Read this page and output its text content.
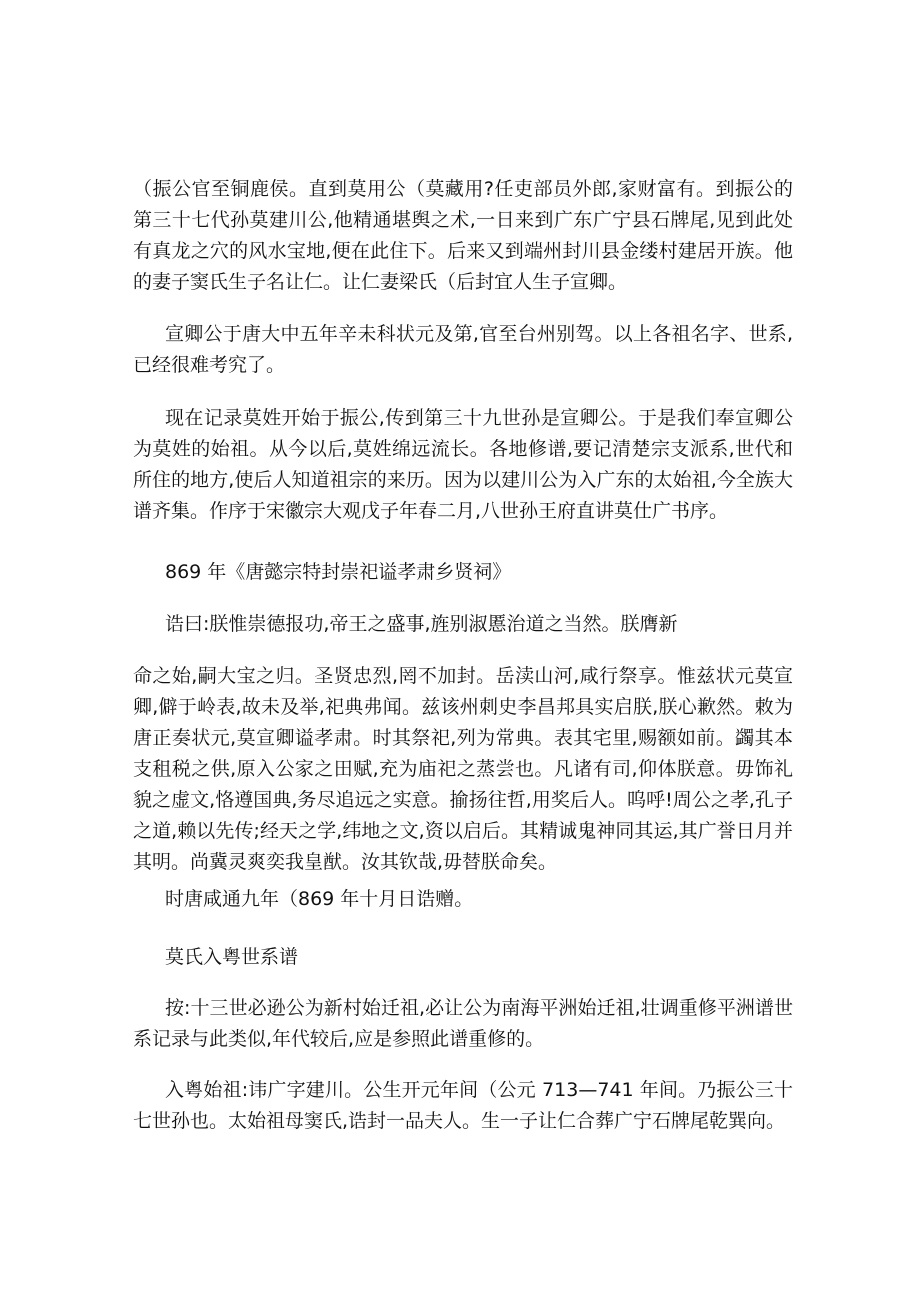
（振公官至铜鹿侯。直到莫用公（莫藏用?任吏部员外郎,家财富有。到振公的第三十七代孙莫建川公,他精通堪舆之术,一日来到广东广宁县石牌尾,见到此处有真龙之穴的风水宝地,便在此住下。后来又到端州封川县金缕村建居开族。他的妻子窦氏生子名让仁。让仁妻梁氏（后封宜人生子宣卿。

宣卿公于唐大中五年辛未科状元及第,官至台州别驾。以上各祖名字、世系,已经很难考究了。

现在记录莫姓开始于振公,传到第三十九世孙是宣卿公。于是我们奉宣卿公为莫姓的始祖。从今以后,莫姓绵远流长。各地修谱,要记清楚宗支派系,世代和所住的地方,使后人知道祖宗的来历。因为以建川公为入广东的太始祖,今全族大谱齐集。作序于宋徽宗大观戊子年春二月,八世孙王府直讲莫仕广书序。

869 年《唐懿宗特封崇祀谥孝肃乡贤祠》

诰曰:朕惟崇德报功,帝王之盛事,旌别淑慝治道之当然。朕膺新

命之始,嗣大宝之归。圣贤忠烈,罔不加封。岳渎山河,咸行祭享。惟兹状元莫宣卿,僻于岭表,故未及举,祀典弗闻。兹该州刺史李昌邦具实启朕,朕心歉然。敕为唐正奏状元,莫宣卿谥孝肃。时其祭祀,列为常典。表其宅里,赐额如前。蠲其本支租税之供,原入公家之田赋,充为庙祀之蒸尝也。凡诸有司,仰体朕意。毋饰礼貌之虚文,恪遵国典,务尽追远之实意。揄扬往哲,用奖后人。呜呼!周公之孝,孔子之道,赖以先传;经天之学,纬地之文,资以启后。其精诚鬼神同其运,其广誉日月并其明。尚冀灵爽奕我皇猷。汝其钦哉,毋替朕命矣。

时唐咸通九年（869 年十月日诰赠。

莫氏入粤世系谱

按:十三世必逊公为新村始迁祖,必让公为南海平洲始迁祖,壮调重修平洲谱世系记录与此类似,年代较后,应是参照此谱重修的。

入粤始祖:讳广字建川。公生开元年间（公元 713—741 年间。乃振公三十七世孙也。太始祖母窦氏,诰封一品夫人。生一子让仁合葬广宁石牌尾乾巽向。
